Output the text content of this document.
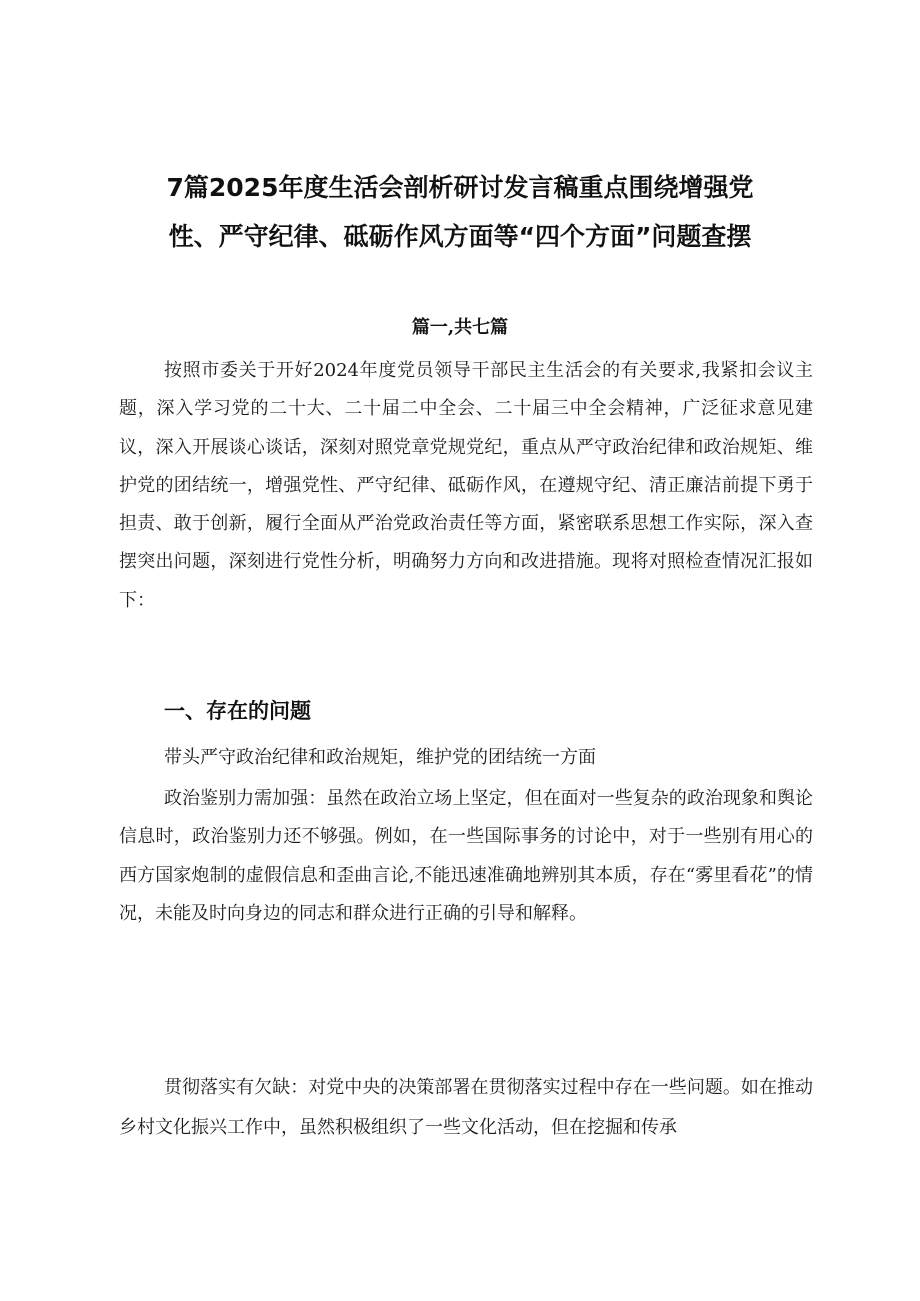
7篇2025年度生活会剖析研讨发言稿重点围绕增强党
性、严守纪律、砥砺作风方面等“四个方面”问题查摆
篇一,共七篇
按照市委关于开好2024年度党员领导干部民主生活会的有关要求,我紧扣会议主题，深入学习党的二十大、二十届二中全会、二十届三中全会精神，广泛征求意见建议，深入开展谈心谈话，深刻对照党章党规党纪，重点从严守政治纪律和政治规矩、维护党的团结统一，增强党性、严守纪律、砥砺作风，在遵规守纪、清正廉洁前提下勇于担责、敢于创新，履行全面从严治党政治责任等方面，紧密联系思想工作实际，深入查摆突出问题，深刻进行党性分析，明确努力方向和改进措施。现将对照检查情况汇报如下：
一、存在的问题
带头严守政治纪律和政治规矩，维护党的团结统一方面
政治鉴别力需加强：虽然在政治立场上坚定，但在面对一些复杂的政治现象和舆论信息时，政治鉴别力还不够强。例如，在一些国际事务的讨论中，对于一些别有用心的西方国家炮制的虚假信息和歪曲言论,不能迅速准确地辨别其本质，存在“雾里看花”的情况，未能及时向身边的同志和群众进行正确的引导和解释。
贯彻落实有欠缺：对党中央的决策部署在贯彻落实过程中存在一些问题。如在推动乡村文化振兴工作中，虽然积极组织了一些文化活动，但在挖掘和传承
